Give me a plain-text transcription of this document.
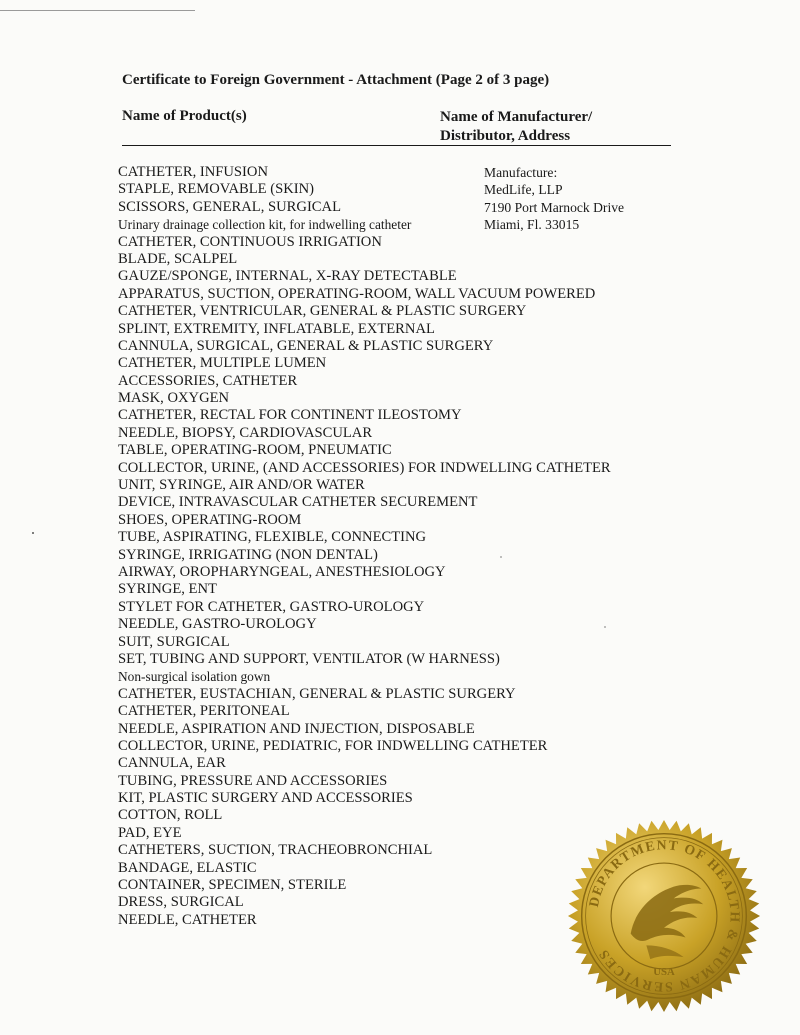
Certificate to Foreign Government - Attachment (Page 2 of 3 page)
Name of Product(s)	Name of Manufacturer/
Distributor, Address
CATHETER, INFUSION
STAPLE, REMOVABLE (SKIN)
SCISSORS, GENERAL, SURGICAL
Urinary drainage collection kit, for indwelling catheter
CATHETER, CONTINUOUS IRRIGATION
BLADE, SCALPEL
GAUZE/SPONGE, INTERNAL, X-RAY DETECTABLE
APPARATUS, SUCTION, OPERATING-ROOM, WALL VACUUM POWERED
CATHETER, VENTRICULAR, GENERAL & PLASTIC SURGERY
SPLINT, EXTREMITY, INFLATABLE, EXTERNAL
CANNULA, SURGICAL, GENERAL & PLASTIC SURGERY
CATHETER, MULTIPLE LUMEN
ACCESSORIES, CATHETER
MASK, OXYGEN
CATHETER, RECTAL FOR CONTINENT ILEOSTOMY
NEEDLE, BIOPSY, CARDIOVASCULAR
TABLE, OPERATING-ROOM, PNEUMATIC
COLLECTOR, URINE, (AND ACCESSORIES) FOR INDWELLING CATHETER
UNIT, SYRINGE, AIR AND/OR WATER
DEVICE, INTRAVASCULAR CATHETER SECUREMENT
SHOES, OPERATING-ROOM
TUBE, ASPIRATING, FLEXIBLE, CONNECTING
SYRINGE, IRRIGATING (NON DENTAL)
AIRWAY, OROPHARYNGEAL, ANESTHESIOLOGY
SYRINGE, ENT
STYLET FOR CATHETER, GASTRO-UROLOGY
NEEDLE, GASTRO-UROLOGY
SUIT, SURGICAL
SET, TUBING AND SUPPORT, VENTILATOR (W HARNESS)
Non-surgical isolation gown
CATHETER, EUSTACHIAN, GENERAL & PLASTIC SURGERY
CATHETER, PERITONEAL
NEEDLE, ASPIRATION AND INJECTION, DISPOSABLE
COLLECTOR, URINE, PEDIATRIC, FOR INDWELLING CATHETER
CANNULA, EAR
TUBING, PRESSURE AND ACCESSORIES
KIT, PLASTIC SURGERY AND ACCESSORIES
COTTON, ROLL
PAD, EYE
CATHETERS, SUCTION, TRACHEOBRONCHIAL
BANDAGE, ELASTIC
CONTAINER, SPECIMEN, STERILE
DRESS, SURGICAL
NEEDLE, CATHETER
Manufacture:
MedLife, LLP
7190 Port Marnock Drive
Miami, Fl. 33015
DEPARTMENT OF HEALTH & HUMAN SERVICES
USA
